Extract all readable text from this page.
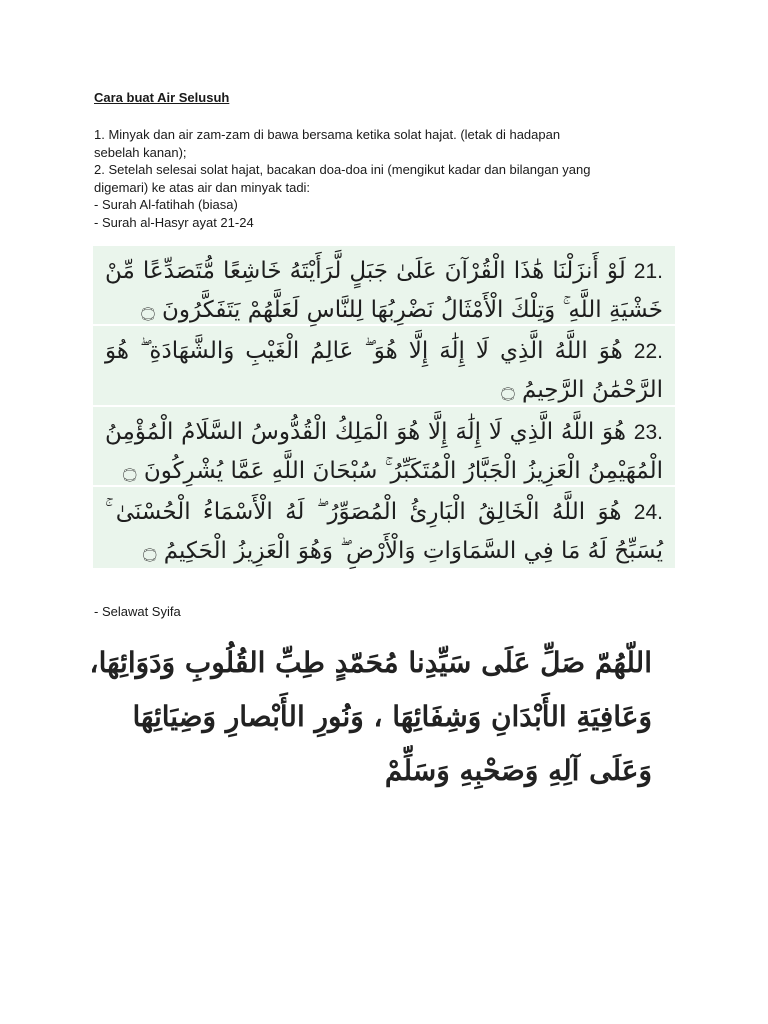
Cara buat Air Selusuh
1. Minyak dan air zam-zam di bawa bersama ketika solat hajat. (letak di hadapan
sebelah kanan);
2. Setelah selesai solat hajat, bacakan doa-doa ini (mengikut kadar dan bilangan yang
digemari) ke atas air dan minyak tadi:
- Surah Al-fatihah (biasa)
- Surah al-Hasyr ayat 21-24
21. لَوْ أَنزَلْنَا هَٰذَا الْقُرْآنَ عَلَىٰ جَبَلٍ لَّرَأَيْتَهُ خَاشِعًا مُّتَصَدِّعًا مِّنْ خَشْيَةِ اللَّهِ ۚ وَتِلْكَ الْأَمْثَالُ نَضْرِبُهَا لِلنَّاسِ لَعَلَّهُمْ يَتَفَكَّرُونَ ۝
22. هُوَ اللَّهُ الَّذِي لَا إِلَٰهَ إِلَّا هُوَ ۖ عَالِمُ الْغَيْبِ وَالشَّهَادَةِ ۖ هُوَ الرَّحْمَٰنُ الرَّحِيمُ ۝
23. هُوَ اللَّهُ الَّذِي لَا إِلَٰهَ إِلَّا هُوَ الْمَلِكُ الْقُدُّوسُ السَّلَامُ الْمُؤْمِنُ الْمُهَيْمِنُ الْعَزِيزُ الْجَبَّارُ الْمُتَكَبِّرُ ۚ سُبْحَانَ اللَّهِ عَمَّا يُشْرِكُونَ ۝
24. هُوَ اللَّهُ الْخَالِقُ الْبَارِئُ الْمُصَوِّرُ ۖ لَهُ الْأَسْمَاءُ الْحُسْنَىٰ ۚ يُسَبِّحُ لَهُ مَا فِي السَّمَاوَاتِ وَالْأَرْضِ ۖ وَهُوَ الْعَزِيزُ الْحَكِيمُ ۝
- Selawat Syifa
اللّهُمّ صَلِّ عَلَى سَيِّدِنا مُحَمّدٍ طِبِّ القُلُوبِ وَدَوَائِهَا،
وَعَافِيَةِ الأَبْدَانِ وَشِفَائِهَا ، وَنُورِ الأَبْصارِ وَضِيَائِهَا
وَعَلَى آلِهِ وَصَحْبِهِ وَسَلِّمْ
